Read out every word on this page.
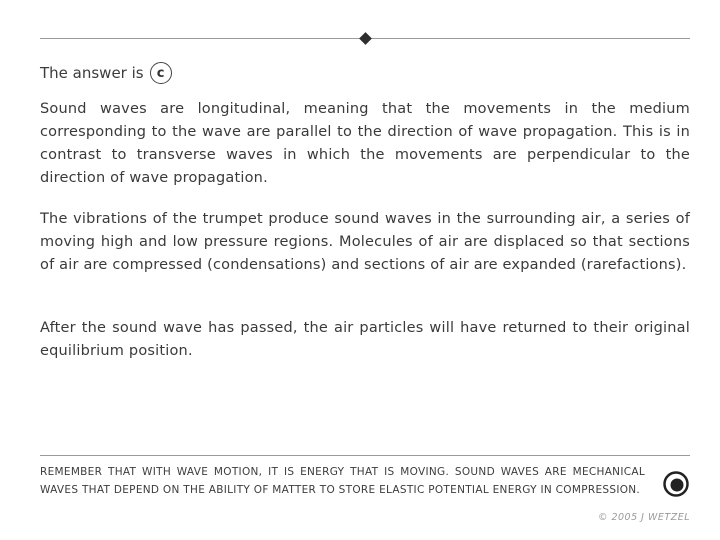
The answer is	c

Sound waves are longitudinal, meaning that the movements in the medium corresponding to the wave are parallel to the direction of wave propagation. This is in contrast to transverse waves in which the movements are perpendicular to the direction of wave propagation.

The vibrations of the trumpet produce sound waves in the surrounding air, a series of moving high and low pressure regions. Molecules of air are displaced so that sections of air are compressed (condensations) and sections of air are expanded (rarefactions).

After the sound wave has passed, the air particles will have returned to their original equilibrium position.

REMEMBER THAT WITH WAVE MOTION, IT IS ENERGY THAT IS MOVING. SOUND WAVES ARE MECHANICAL WAVES THAT DEPEND ON THE ABILITY OF MATTER TO STORE ELASTIC POTENTIAL ENERGY IN COMPRESSION.

© 2005 J WETZEL
